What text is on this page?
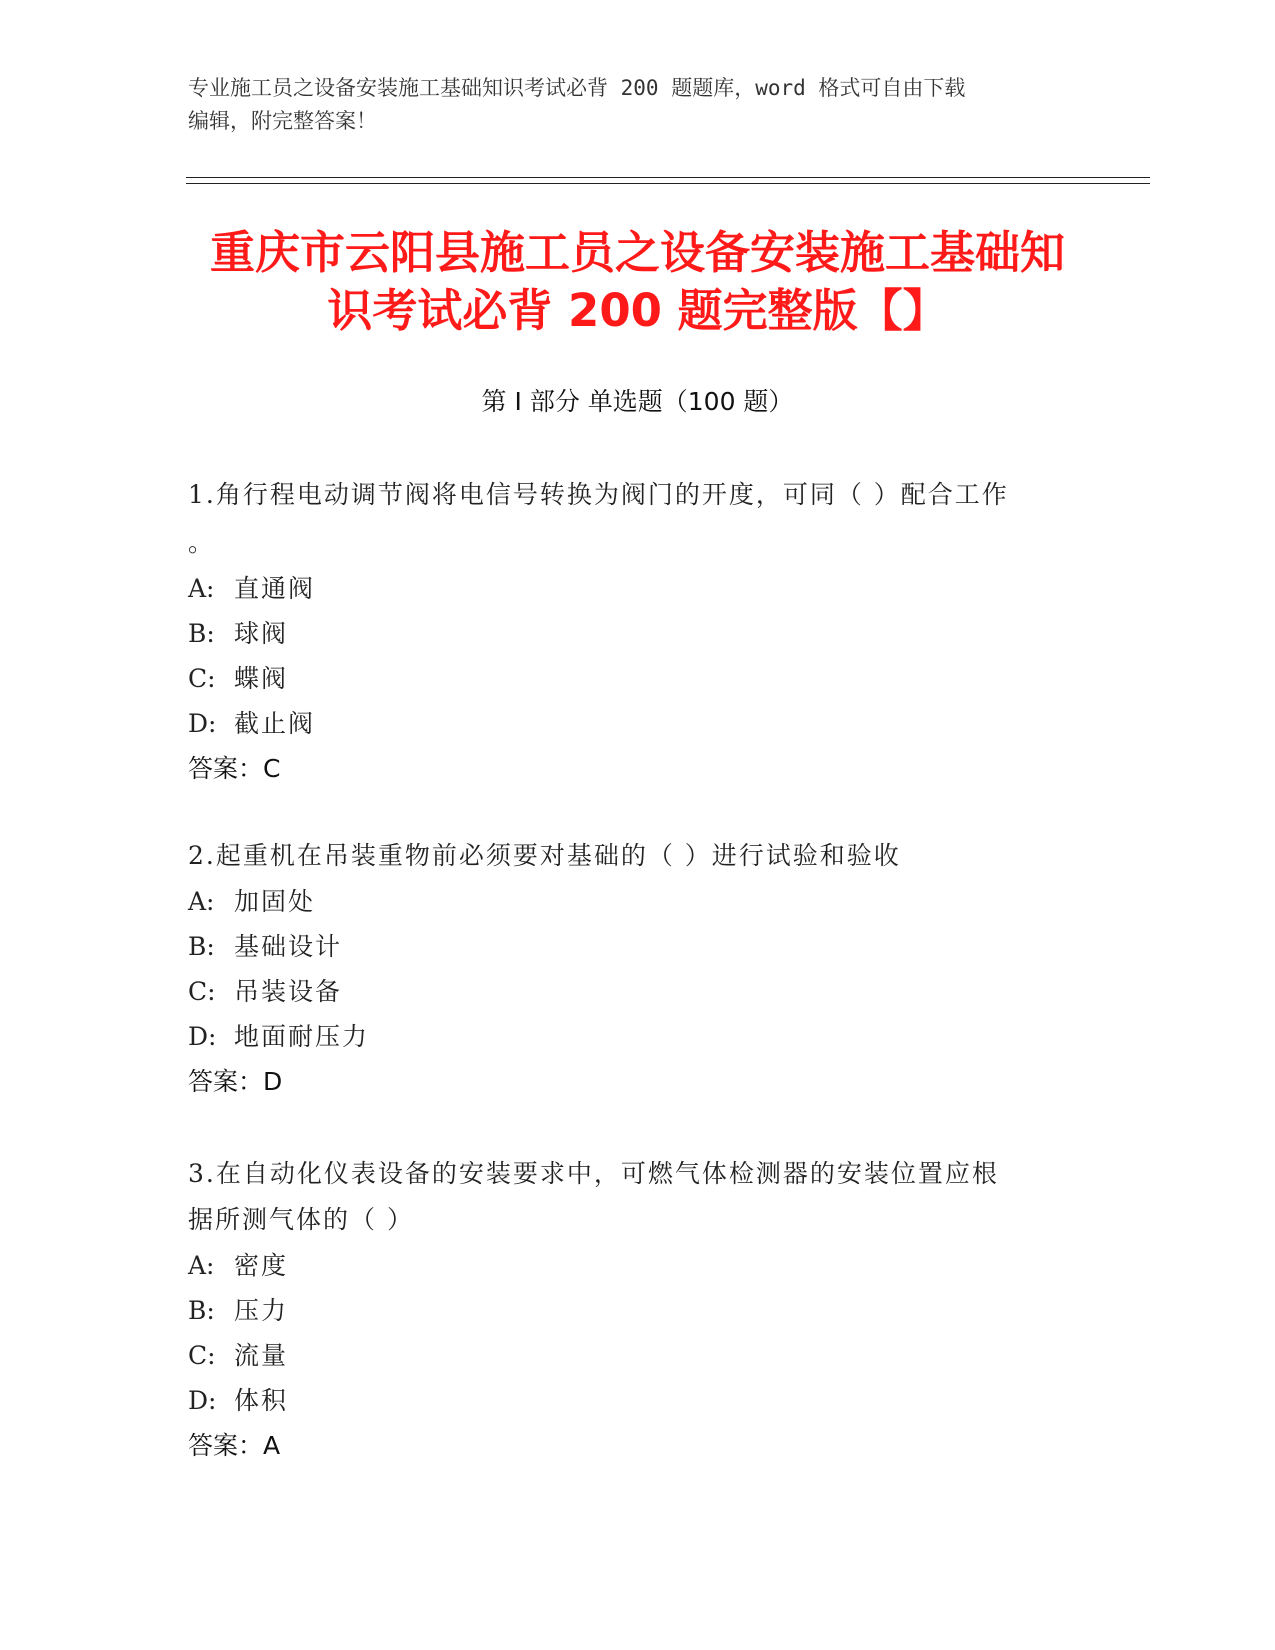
专业施工员之设备安装施工基础知识考试必背 200 题题库，word 格式可自由下载
编辑，附完整答案！
重庆市云阳县施工员之设备安装施工基础知
识考试必背 200 题完整版【】
第 I 部分 单选题（100 题）
1.角行程电动调节阀将电信号转换为阀门的开度，可同（ ）配合工作
。
A: 直通阀
B: 球阀
C: 蝶阀
D: 截止阀
答案：C
2.起重机在吊装重物前必须要对基础的（ ）进行试验和验收
A: 加固处
B: 基础设计
C: 吊装设备
D: 地面耐压力
答案：D
3.在自动化仪表设备的安装要求中，可燃气体检测器的安装位置应根
据所测气体的（ ）
A: 密度
B: 压力
C: 流量
D: 体积
答案：A
